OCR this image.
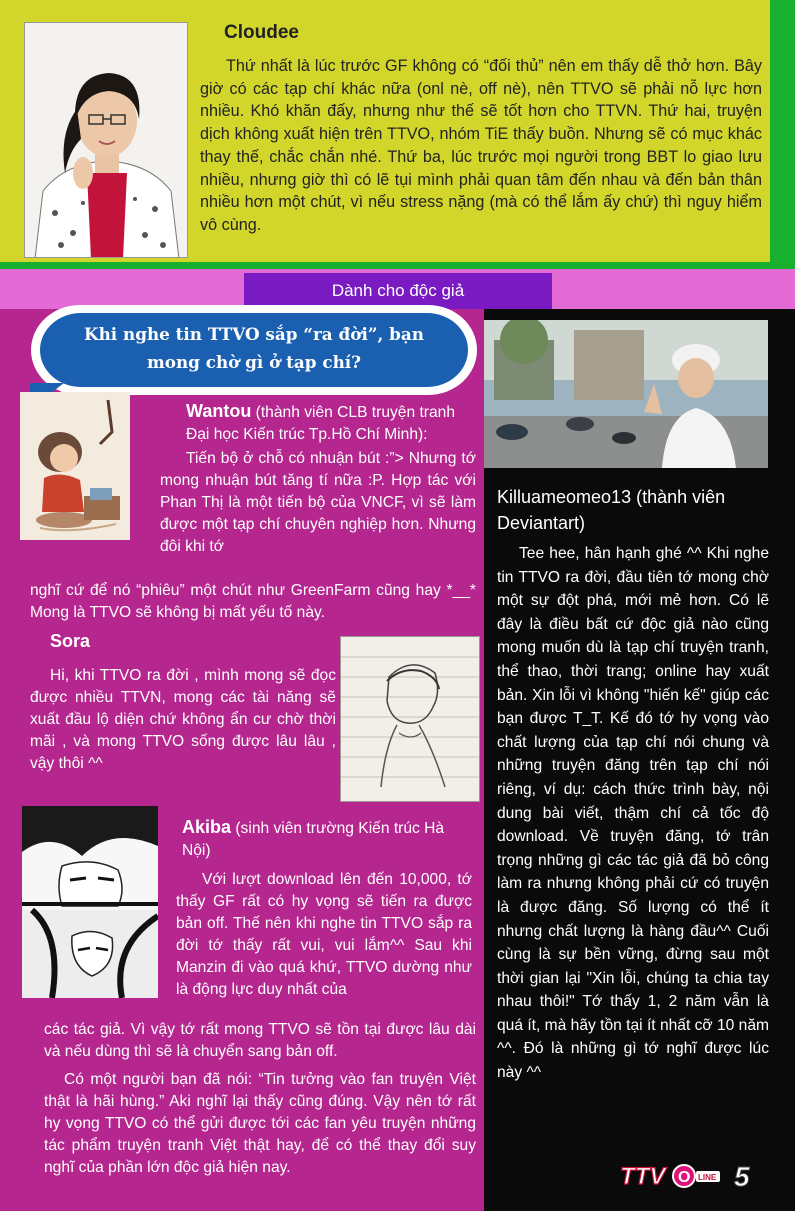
Cloudee
Thứ nhất là lúc trước GF không có “đối thủ” nên em thấy dễ thở hơn. Bây giờ có các tạp chí khác nữa (onl nè, off nè), nên TTVO sẽ phải nỗ lực hơn nhiều. Khó khăn đấy, nhưng như thế sẽ tốt hơn cho TTVN. Thứ hai, truyện dịch không xuất hiện trên TTVO, nhóm TiE thấy buồn. Nhưng sẽ có mục khác thay thế, chắc chắn nhé. Thứ ba, lúc trước mọi người trong BBT lo giao lưu nhiều, nhưng giờ thì có lẽ tụi mình phải quan tâm đến nhau và đến bản thân nhiều hơn một chút, vì nếu stress nặng (mà có thể lắm ấy chứ) thì nguy hiểm vô cùng.
Dành cho độc giả
Khi nghe tin TTVO sắp “ra đời”, bạn
mong chờ gì ở tạp chí?
Wantou (thành viên CLB truyện tranh Đại học Kiến trúc Tp.Hồ Chí Minh):
Tiến bộ ở chỗ có nhuận bút :”> Nhưng tớ mong nhuận bút tăng tí nữa :P. Hợp tác với Phan Thị là một tiến bộ của VNCF, vì sẽ làm được một tạp chí chuyên nghiệp hơn. Nhưng đôi khi tớ
nghĩ cứ để nó “phiêu” một chút như GreenFarm cũng hay *__* Mong là TTVO sẽ không bị mất yếu tố này.
Sora
Hi, khi TTVO ra đời , mình mong sẽ đọc được nhiều TTVN, mong các tài năng sẽ xuất đầu lộ diện chứ không ẩn cư chờ thời mãi , và mong TTVO sống được lâu lâu , vậy thôi ^^
Akiba (sinh viên trường Kiến trúc Hà Nội)
Với lượt download lên đến 10,000, tớ thấy GF rất có hy vọng sẽ tiến ra được bản off. Thế nên khi nghe tin TTVO sắp ra đời tớ thấy rất vui, vui lắm^^ Sau khi Manzin đi vào quá khứ, TTVO dường như là động lực duy nhất của
các tác giả. Vì vậy tớ rất mong TTVO sẽ tồn tại được lâu dài và nếu dùng thì sẽ là chuyển sang bản off.
Có một người bạn đã nói: “Tin tưởng vào fan truyện Việt thật là hãi hùng.” Aki nghĩ lại thấy cũng đúng. Vậy nên tớ rất hy vọng TTVO có thể gửi được tới các fan yêu truyện những tác phẩm truyện tranh Việt thật hay, để có thể thay đổi suy nghĩ của phần lớn độc giả hiện nay.
Killuameomeo13 (thành viên Deviantart)
Tee hee, hân hạnh ghé ^^ Khi nghe tin TTVO ra đời, đầu tiên tớ mong chờ một sự đột phá, mới mẻ hơn. Có lẽ đây là điều bất cứ độc giả nào cũng mong muốn dù là tạp chí truyện tranh, thể thao, thời trang; online hay xuất bản. Xin lỗi vì không "hiến kế" giúp các bạn được T_T. Kế đó tớ hy vọng vào chất lượng của tạp chí nói chung và những truyện đăng trên tạp chí nói riêng, ví dụ: cách thức trình bày, nội dung bài viết, thậm chí cả tốc độ download. Về truyện đăng, tớ trân trọng những gì các tác giả đã bỏ công làm ra nhưng không phải cứ có truyện là được đăng. Số lượng có thể ít nhưng chất lượng là hàng đầu^^ Cuối cùng là sự bền vững, đừng sau một thời gian lại "Xin lỗi, chúng ta chia tay nhau thôi!" Tớ thấy 1, 2 năm vẫn là quá ít, mà hãy tồn tại ít nhất cỡ 10 năm ^^. Đó là những gì tớ nghĩ được lúc này ^^
TTV O LINE 5
